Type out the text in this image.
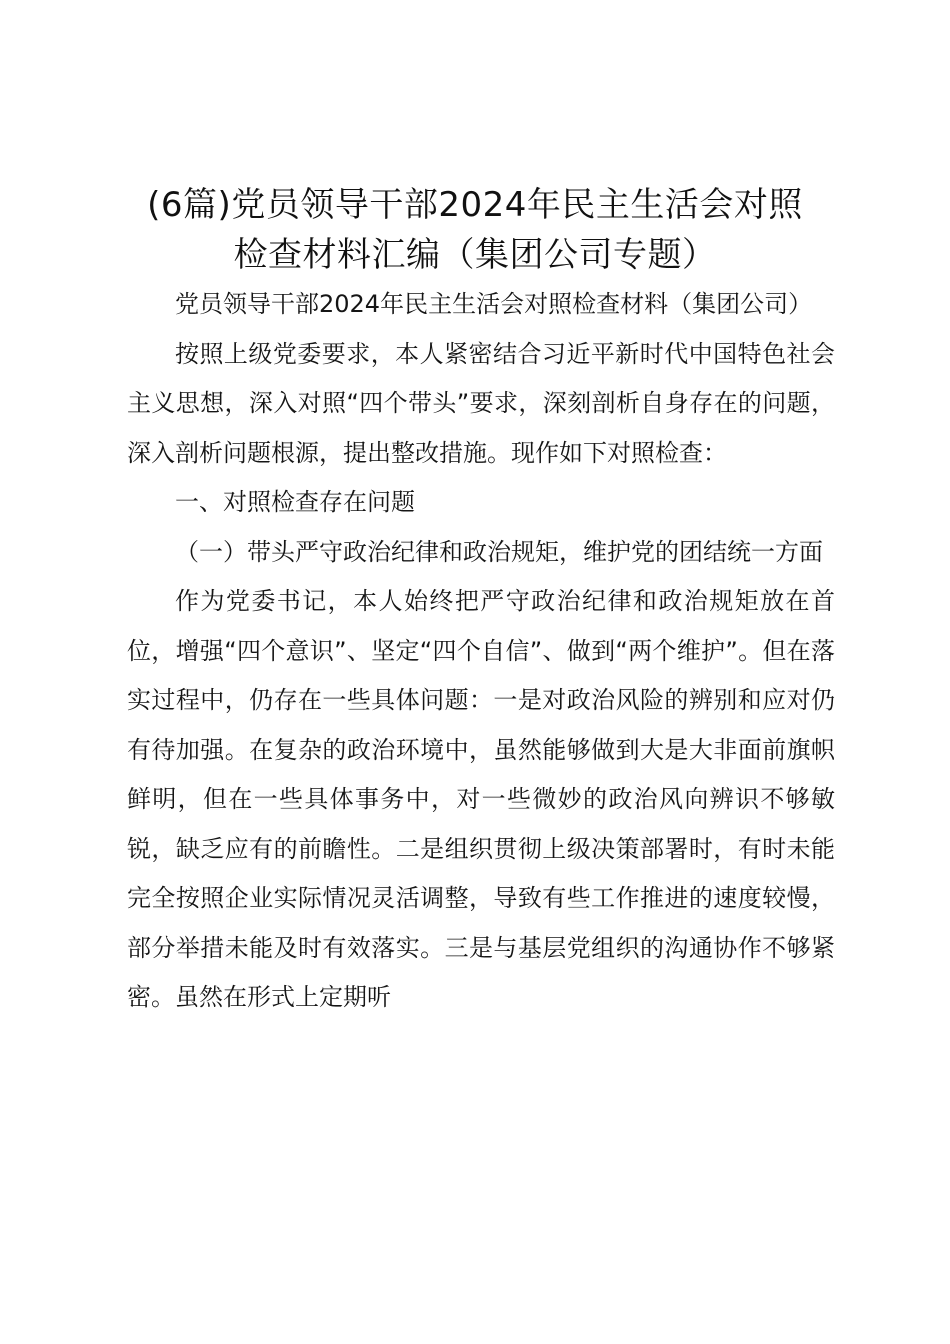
(6篇)党员领导干部2024年民主生活会对照
检查材料汇编（集团公司专题）

党员领导干部2024年民主生活会对照检查材料（集团公司）

按照上级党委要求，本人紧密结合习近平新时代中国特色社会主义思想，深入对照“四个带头”要求，深刻剖析自身存在的问题，深入剖析问题根源，提出整改措施。现作如下对照检查：

一、对照检查存在问题

（一）带头严守政治纪律和政治规矩，维护党的团结统一方面

作为党委书记，本人始终把严守政治纪律和政治规矩放在首位，增强“四个意识”、坚定“四个自信”、做到“两个维护”。但在落实过程中，仍存在一些具体问题：一是对政治风险的辨别和应对仍有待加强。在复杂的政治环境中，虽然能够做到大是大非面前旗帜鲜明，但在一些具体事务中，对一些微妙的政治风向辨识不够敏锐，缺乏应有的前瞻性。二是组织贯彻上级决策部署时，有时未能完全按照企业实际情况灵活调整，导致有些工作推进的速度较慢，部分举措未能及时有效落实。三是与基层党组织的沟通协作不够紧密。虽然在形式上定期听
